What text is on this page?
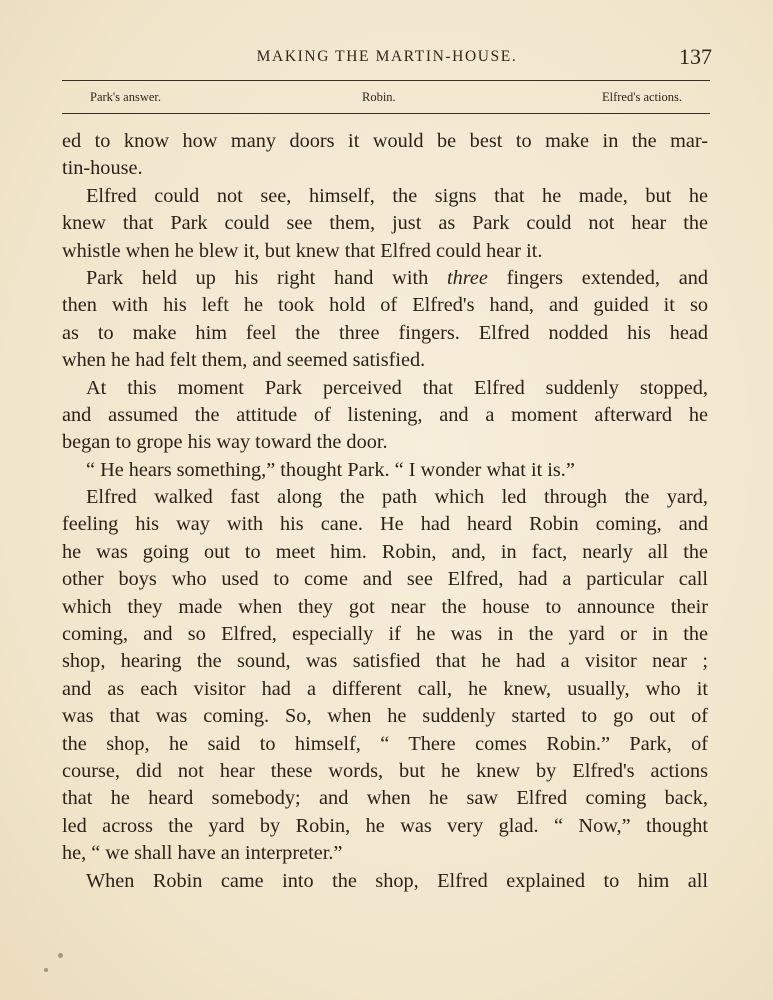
MAKING THE MARTIN-HOUSE.	137
Park's answer.	Robin.	Elfred's actions.
ed to know how many doors it would be best to make in the mar-
tin-house.
Elfred could not see, himself, the signs that he made, but he
knew that Park could see them, just as Park could not hear the
whistle when he blew it, but knew that Elfred could hear it.
Park held up his right hand with three fingers extended, and
then with his left he took hold of Elfred's hand, and guided it so
as to make him feel the three fingers. Elfred nodded his head
when he had felt them, and seemed satisfied.
At this moment Park perceived that Elfred suddenly stopped,
and assumed the attitude of listening, and a moment afterward he
began to grope his way toward the door.
“ He hears something,” thought Park. “ I wonder what it is.”
Elfred walked fast along the path which led through the yard,
feeling his way with his cane. He had heard Robin coming, and
he was going out to meet him. Robin, and, in fact, nearly all the
other boys who used to come and see Elfred, had a particular call
which they made when they got near the house to announce their
coming, and so Elfred, especially if he was in the yard or in the
shop, hearing the sound, was satisfied that he had a visitor near ;
and as each visitor had a different call, he knew, usually, who it
was that was coming. So, when he suddenly started to go out of
the shop, he said to himself, “ There comes Robin.” Park, of
course, did not hear these words, but he knew by Elfred's actions
that he heard somebody; and when he saw Elfred coming back,
led across the yard by Robin, he was very glad. “ Now,” thought
he, “ we shall have an interpreter.”
When Robin came into the shop, Elfred explained to him all
